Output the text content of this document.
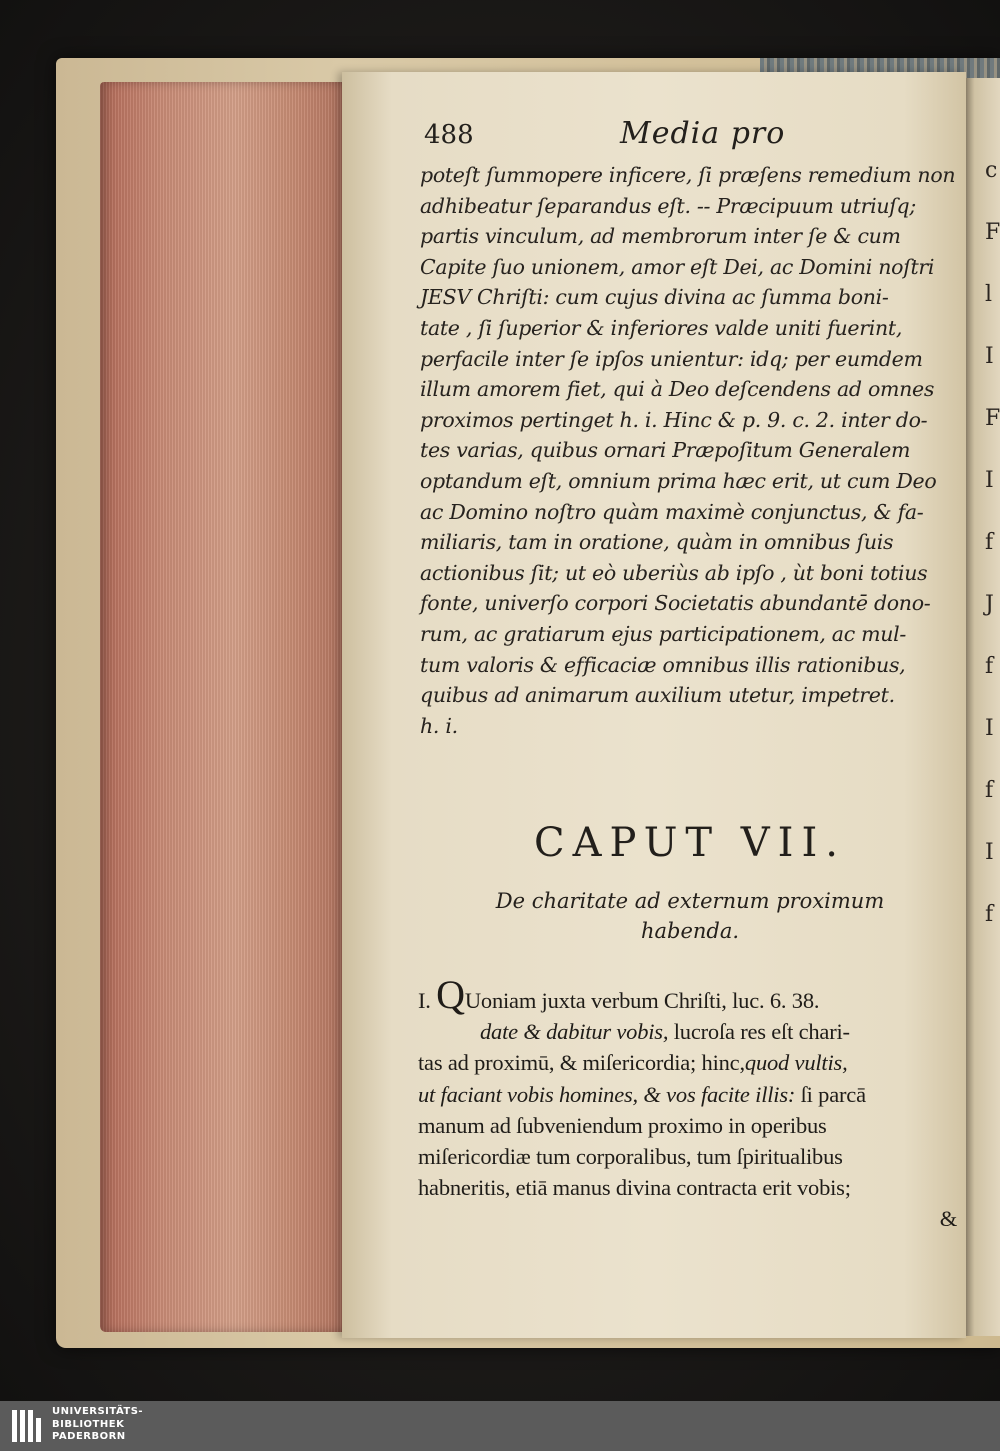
c
F
l
I
F
I
f
J
f
I
f
I
f
488	Media pro
poteſt ſummopere inficere, ſi præſens remedium non
adhibeatur ſeparandus eſt. -- Præcipuum utriuſq;
partis vinculum, ad membrorum inter ſe & cum
Capite ſuo unionem, amor eſt Dei, ac Domini noſtri
JESV Chriſti: cum cujus divina ac ſumma boni-
tate , ſi ſuperior & inferiores valde uniti fuerint,
perfacile inter ſe ipſos unientur: idq; per eumdem
illum amorem fiet, qui à Deo deſcendens ad omnes
proximos pertinget h. i. Hinc & p. 9. c. 2. inter do-
tes varias, quibus ornari Præpoſitum Generalem
optandum eſt, omnium prima hæc erit, ut cum Deo
ac Domino noſtro quàm maximè conjunctus, & fa-
miliaris, tam in oratione, quàm in omnibus ſuis
actionibus ſit; ut eò uberiùs ab ipſo , ùt boni totius
fonte, univerſo corpori Societatis abundantē dono-
rum, ac gratiarum ejus participationem, ac mul-
tum valoris & efficaciæ omnibus illis rationibus,
quibus ad animarum auxilium utetur, impetret.
h. i.
CAPUT VII.
De charitate ad externum proximum
habenda.
I. QUoniam juxta verbum Chriſti, luc. 6. 38.
date & dabitur vobis, lucroſa res eſt chari-
tas ad proximū, & miſericordia; hinc,quod vultis,
ut faciant vobis homines, & vos facite illis: ſi parcā
manum ad ſubveniendum proximo in operibus
miſericordiæ tum corporalibus, tum ſpiritualibus
habneritis, etiā manus divina contracta erit vobis;
&

UNIVERSITÄTS-
BIBLIOTHEK
PADERBORN
